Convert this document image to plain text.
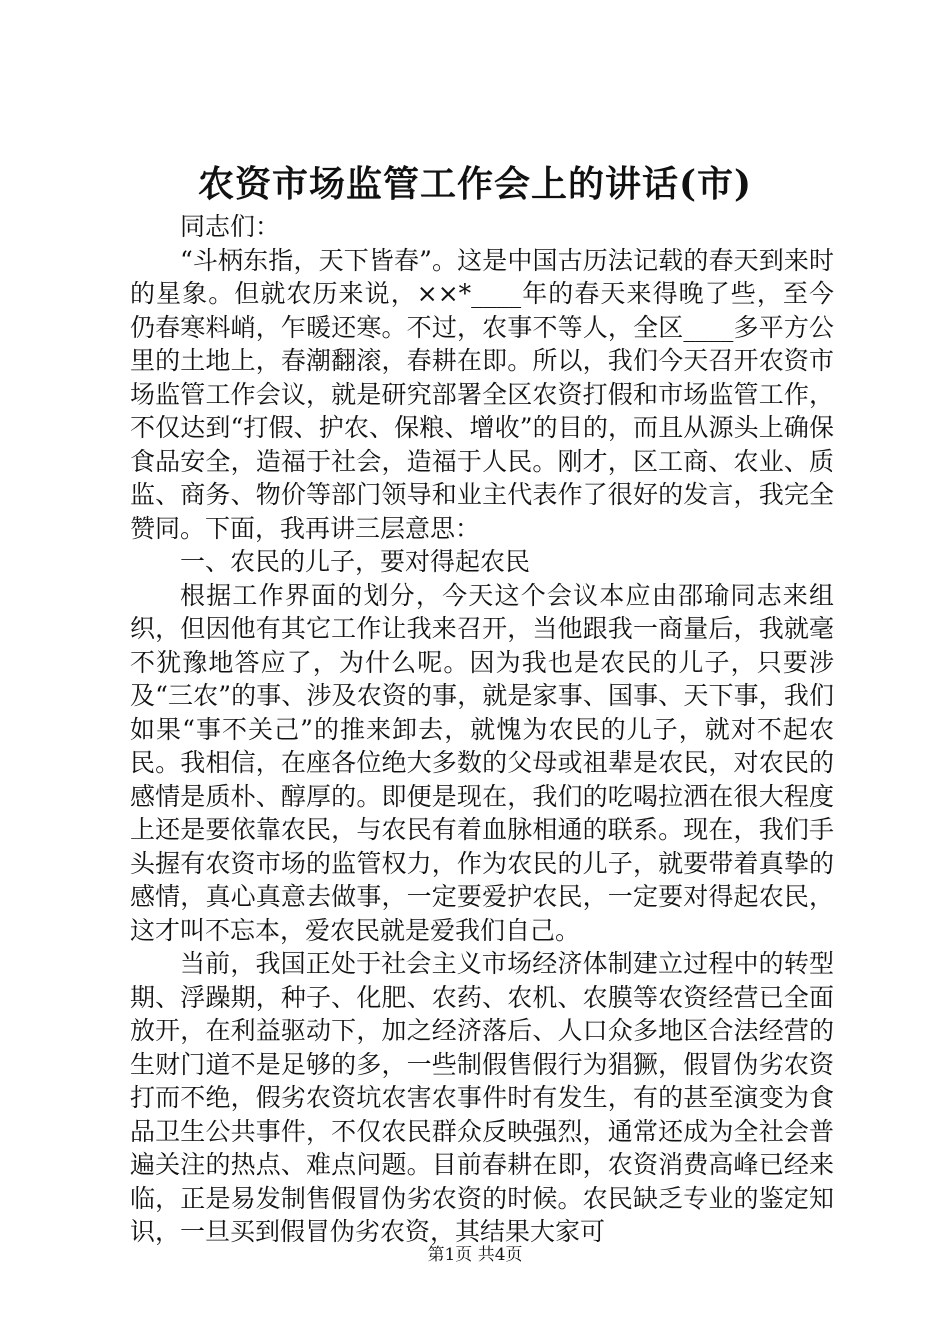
农资市场监管工作会上的讲话(市)

同志们：

“斗柄东指，天下皆春”。这是中国古历法记载的春天到来时的星象。但就农历来说，××*____年的春天来得晚了些，至今仍春寒料峭，乍暖还寒。不过，农事不等人，全区____多平方公里的土地上，春潮翻滚，春耕在即。所以，我们今天召开农资市场监管工作会议，就是研究部署全区农资打假和市场监管工作，不仅达到“打假、护农、保粮、增收”的目的，而且从源头上确保食品安全，造福于社会，造福于人民。刚才，区工商、农业、质监、商务、物价等部门领导和业主代表作了很好的发言，我完全赞同。下面，我再讲三层意思：

一、农民的儿子，要对得起农民

根据工作界面的划分，今天这个会议本应由邵瑜同志来组织，但因他有其它工作让我来召开，当他跟我一商量后，我就毫不犹豫地答应了，为什么呢。因为我也是农民的儿子，只要涉及“三农”的事、涉及农资的事，就是家事、国事、天下事，我们如果“事不关己”的推来卸去，就愧为农民的儿子，就对不起农民。我相信，在座各位绝大多数的父母或祖辈是农民，对农民的感情是质朴、醇厚的。即便是现在，我们的吃喝拉洒在很大程度上还是要依靠农民，与农民有着血脉相通的联系。现在，我们手头握有农资市场的监管权力，作为农民的儿子，就要带着真挚的感情，真心真意去做事，一定要爱护农民，一定要对得起农民，这才叫不忘本，爱农民就是爱我们自己。

当前，我国正处于社会主义市场经济体制建立过程中的转型期、浮躁期，种子、化肥、农药、农机、农膜等农资经营已全面放开，在利益驱动下，加之经济落后、人口众多地区合法经营的生财门道不是足够的多，一些制假售假行为猖獗，假冒伪劣农资打而不绝，假劣农资坑农害农事件时有发生，有的甚至演变为食品卫生公共事件，不仅农民群众反映强烈，通常还成为全社会普遍关注的热点、难点问题。目前春耕在即，农资消费高峰已经来临，正是易发制售假冒伪劣农资的时候。农民缺乏专业的鉴定知识，一旦买到假冒伪劣农资，其结果大家可

第1页 共4页
